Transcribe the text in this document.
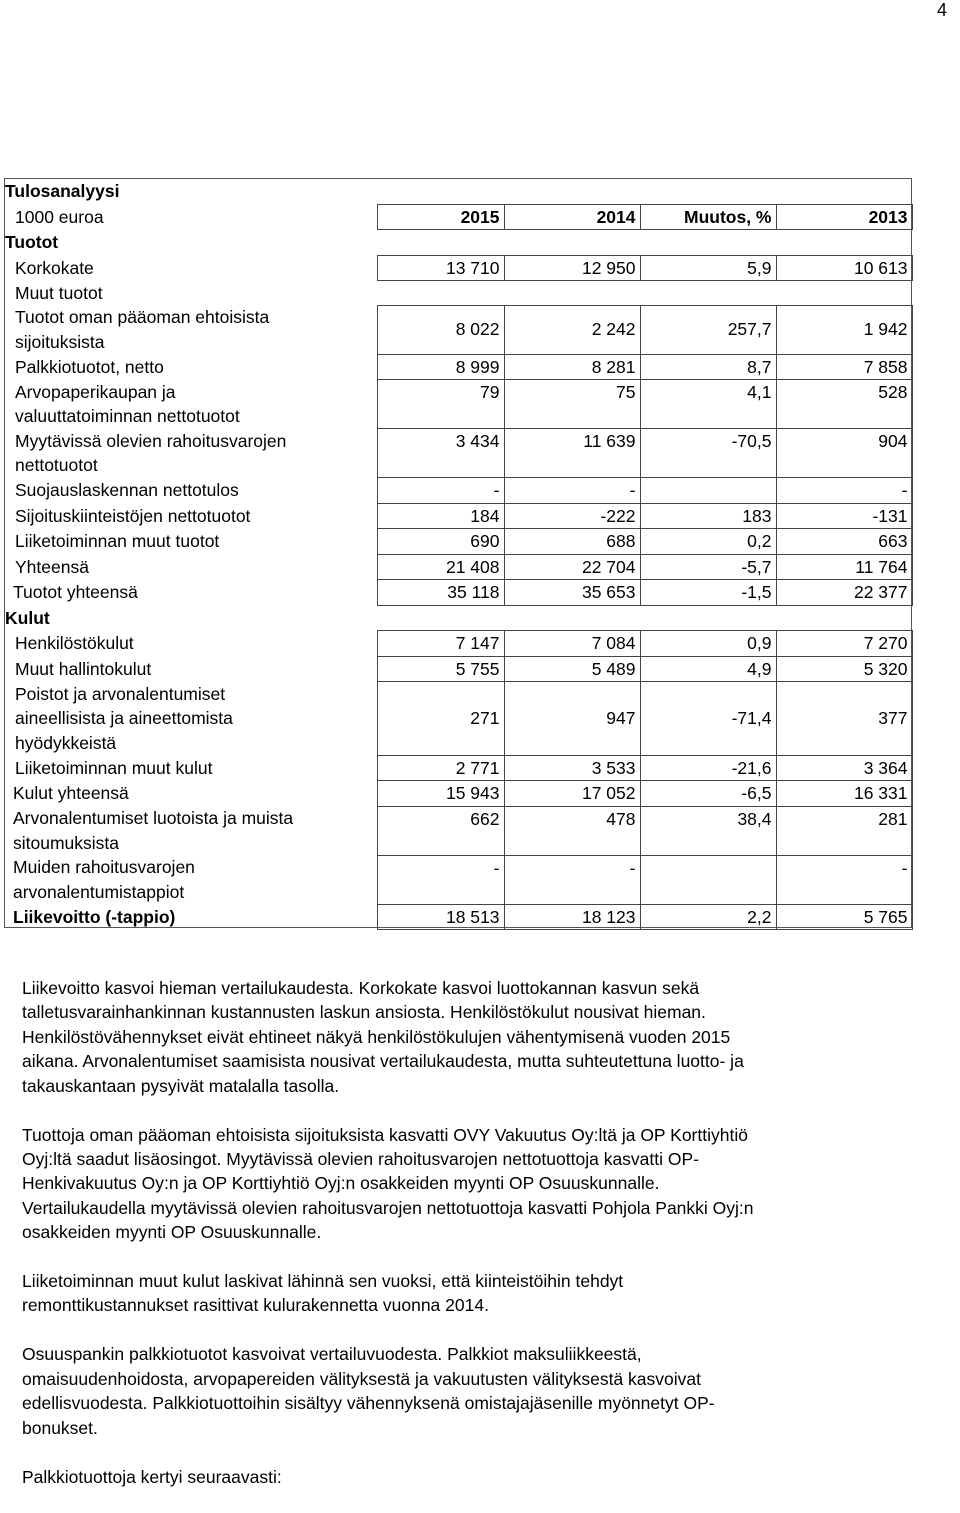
4
Tulosanalyysi				
1000 euroa	2015	2014	Muutos, %	2013
Tuotot				
Korkokate	13 710	12 950	5,9	10 613
Muut tuotot				

Tuotot oman pääoman ehtoisista
sijoituksista	8 022	2 242	257,7	1 942
Palkkiotuotot, netto	8 999	8 281	8,7	7 858

Arvopaperikaupan ja
valuuttatoiminnan nettotuotot	79	75	4,1	528

Myytävissä olevien rahoitusvarojen
nettotuotot	3 434	11 639	-70,5	904
Suojauslaskennan nettotulos	-	-		-
Sijoituskiinteistöjen nettotuotot	184	-222	183	-131
Liiketoiminnan muut tuotot	690	688	0,2	663
Yhteensä	21 408	22 704	-5,7	11 764
Tuotot yhteensä	35 118	35 653	-1,5	22 377
Kulut				
Henkilöstökulut	7 147	7 084	0,9	7 270
Muut hallintokulut	5 755	5 489	4,9	5 320

Poistot ja arvonalentumiset
aineellisista ja aineettomista
hyödykkeistä	271	947	-71,4	377
Liiketoiminnan muut kulut	2 771	3 533	-21,6	3 364
Kulut yhteensä	15 943	17 052	-6,5	16 331

Arvonalentumiset luotoista ja muista
sitoumuksista	662	478	38,4	281

Muiden rahoitusvarojen
arvonalentumistappiot	-	-		-
Liikevoitto (-tappio)	18 513	18 123	2,2	5 765

Liikevoitto kasvoi hieman vertailukaudesta. Korkokate kasvoi luottokannan kasvun sekä
talletusvarainhankinnan kustannusten laskun ansiosta. Henkilöstökulut nousivat hieman.
Henkilöstövähennykset eivät ehtineet näkyä henkilöstökulujen vähentymisenä vuoden 2015
aikana. Arvonalentumiset saamisista nousivat vertailukaudesta, mutta suhteutettuna luotto- ja
takauskantaan pysyivät matalalla tasolla.

Tuottoja oman pääoman ehtoisista sijoituksista kasvatti OVY Vakuutus Oy:ltä ja OP Korttiyhtiö
Oyj:ltä saadut lisäosingot. Myytävissä olevien rahoitusvarojen nettotuottoja kasvatti OP-
Henkivakuutus Oy:n ja OP Korttiyhtiö Oyj:n osakkeiden myynti OP Osuuskunnalle.
Vertailukaudella myytävissä olevien rahoitusvarojen nettotuottoja kasvatti Pohjola Pankki Oyj:n
osakkeiden myynti OP Osuuskunnalle.

Liiketoiminnan muut kulut laskivat lähinnä sen vuoksi, että kiinteistöihin tehdyt
remonttikustannukset rasittivat kulurakennetta vuonna 2014.

Osuuspankin palkkiotuotot kasvoivat vertailuvuodesta. Palkkiot maksuliikkeestä,
omaisuudenhoidosta, arvopapereiden välityksestä ja vakuutusten välityksestä kasvoivat
edellisvuodesta. Palkkiotuottoihin sisältyy vähennyksenä omistajajäsenille myönnetyt OP-
bonukset.

Palkkiotuottoja kertyi seuraavasti:
